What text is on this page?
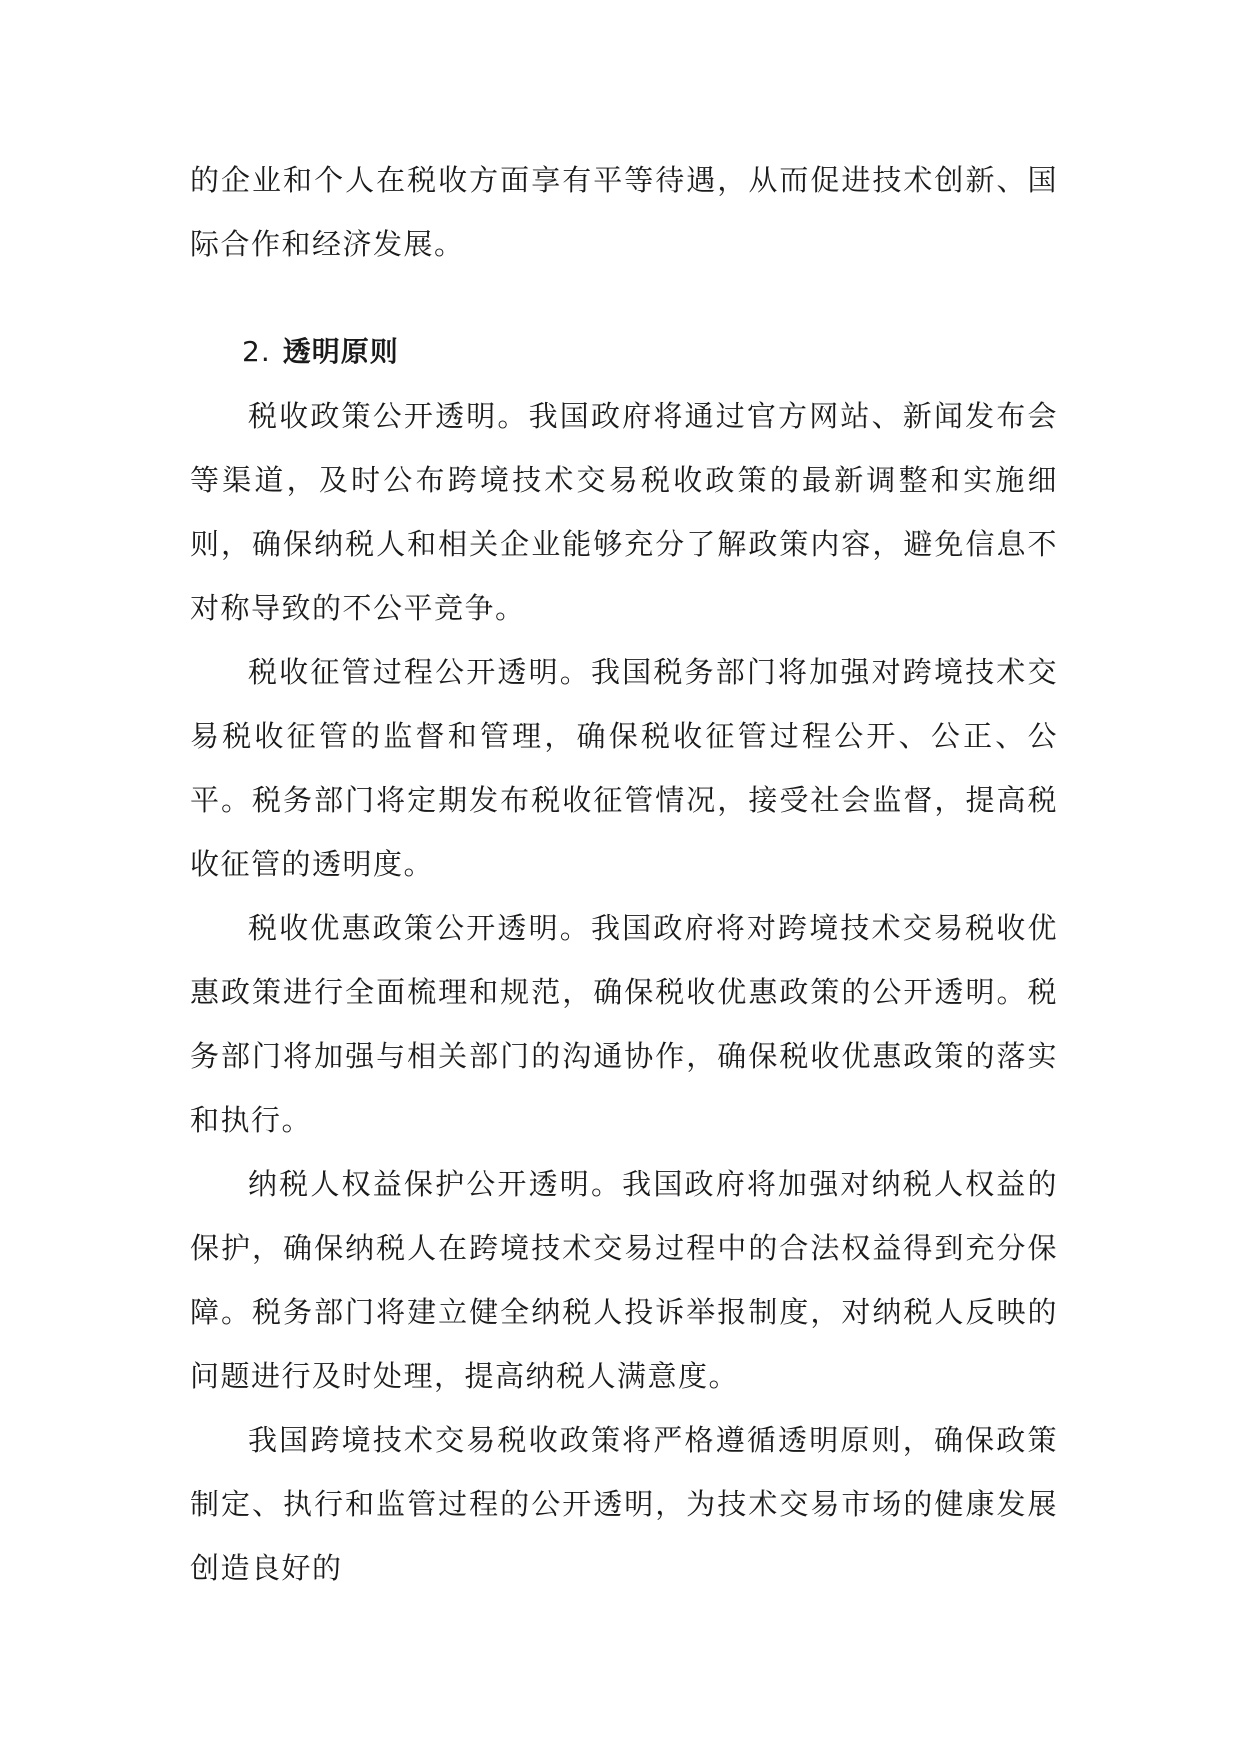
的企业和个人在税收方面享有平等待遇，从而促进技术创新、国际合作和经济发展。

2. 透明原则

税收政策公开透明。我国政府将通过官方网站、新闻发布会等渠道，及时公布跨境技术交易税收政策的最新调整和实施细则，确保纳税人和相关企业能够充分了解政策内容，避免信息不对称导致的不公平竞争。

税收征管过程公开透明。我国税务部门将加强对跨境技术交易税收征管的监督和管理，确保税收征管过程公开、公正、公平。税务部门将定期发布税收征管情况，接受社会监督，提高税收征管的透明度。

税收优惠政策公开透明。我国政府将对跨境技术交易税收优惠政策进行全面梳理和规范，确保税收优惠政策的公开透明。税务部门将加强与相关部门的沟通协作，确保税收优惠政策的落实和执行。

纳税人权益保护公开透明。我国政府将加强对纳税人权益的保护，确保纳税人在跨境技术交易过程中的合法权益得到充分保障。税务部门将建立健全纳税人投诉举报制度，对纳税人反映的问题进行及时处理，提高纳税人满意度。

我国跨境技术交易税收政策将严格遵循透明原则，确保政策制定、执行和监管过程的公开透明，为技术交易市场的健康发展创造良好的
